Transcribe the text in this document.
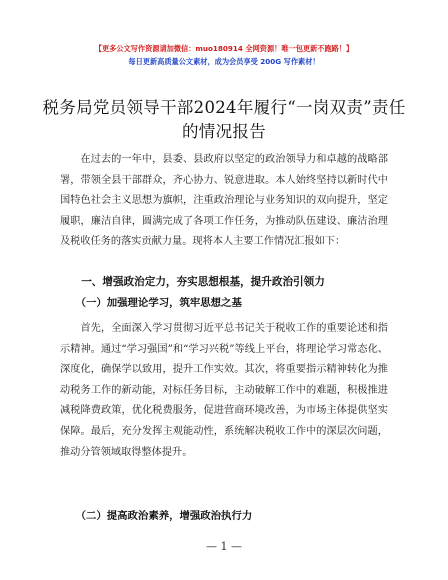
【更多公文写作资源请加微信：muo180914 全网资源！唯一包更新不跑路！】
每日更新高质量公文素材，成为会员享受 200G 写作素材！
税务局党员领导干部2024年履行“一岗双责”责任的情况报告
在过去的一年中，县委、县政府以坚定的政治领导力和卓越的战略部署，带领全县干部群众，齐心协力、锐意进取。本人始终坚持以新时代中国特色社会主义思想为旗帜，注重政治理论与业务知识的双向提升，坚定履职，廉洁自律，圆满完成了各项工作任务，为推动队伍建设、廉洁治理及税收任务的落实贡献力量。现将本人主要工作情况汇报如下：
一、增强政治定力，夯实思想根基，提升政治引领力
（一）加强理论学习，筑牢思想之基
首先，全面深入学习贯彻习近平总书记关于税收工作的重要论述和指示精神。通过“学习强国”和“学习兴税”等线上平台，将理论学习常态化、深度化，确保学以致用，提升工作实效。其次，将重要指示精神转化为推动税务工作的新动能，对标任务目标，主动破解工作中的难题，积极推进减税降费政策，优化税费服务，促进营商环境改善，为市场主体提供坚实保障。最后，充分发挥主观能动性，系统解决税收工作中的深层次问题，推动分管领域取得整体提升。
（二）提高政治素养，增强政治执行力
— 1 —
